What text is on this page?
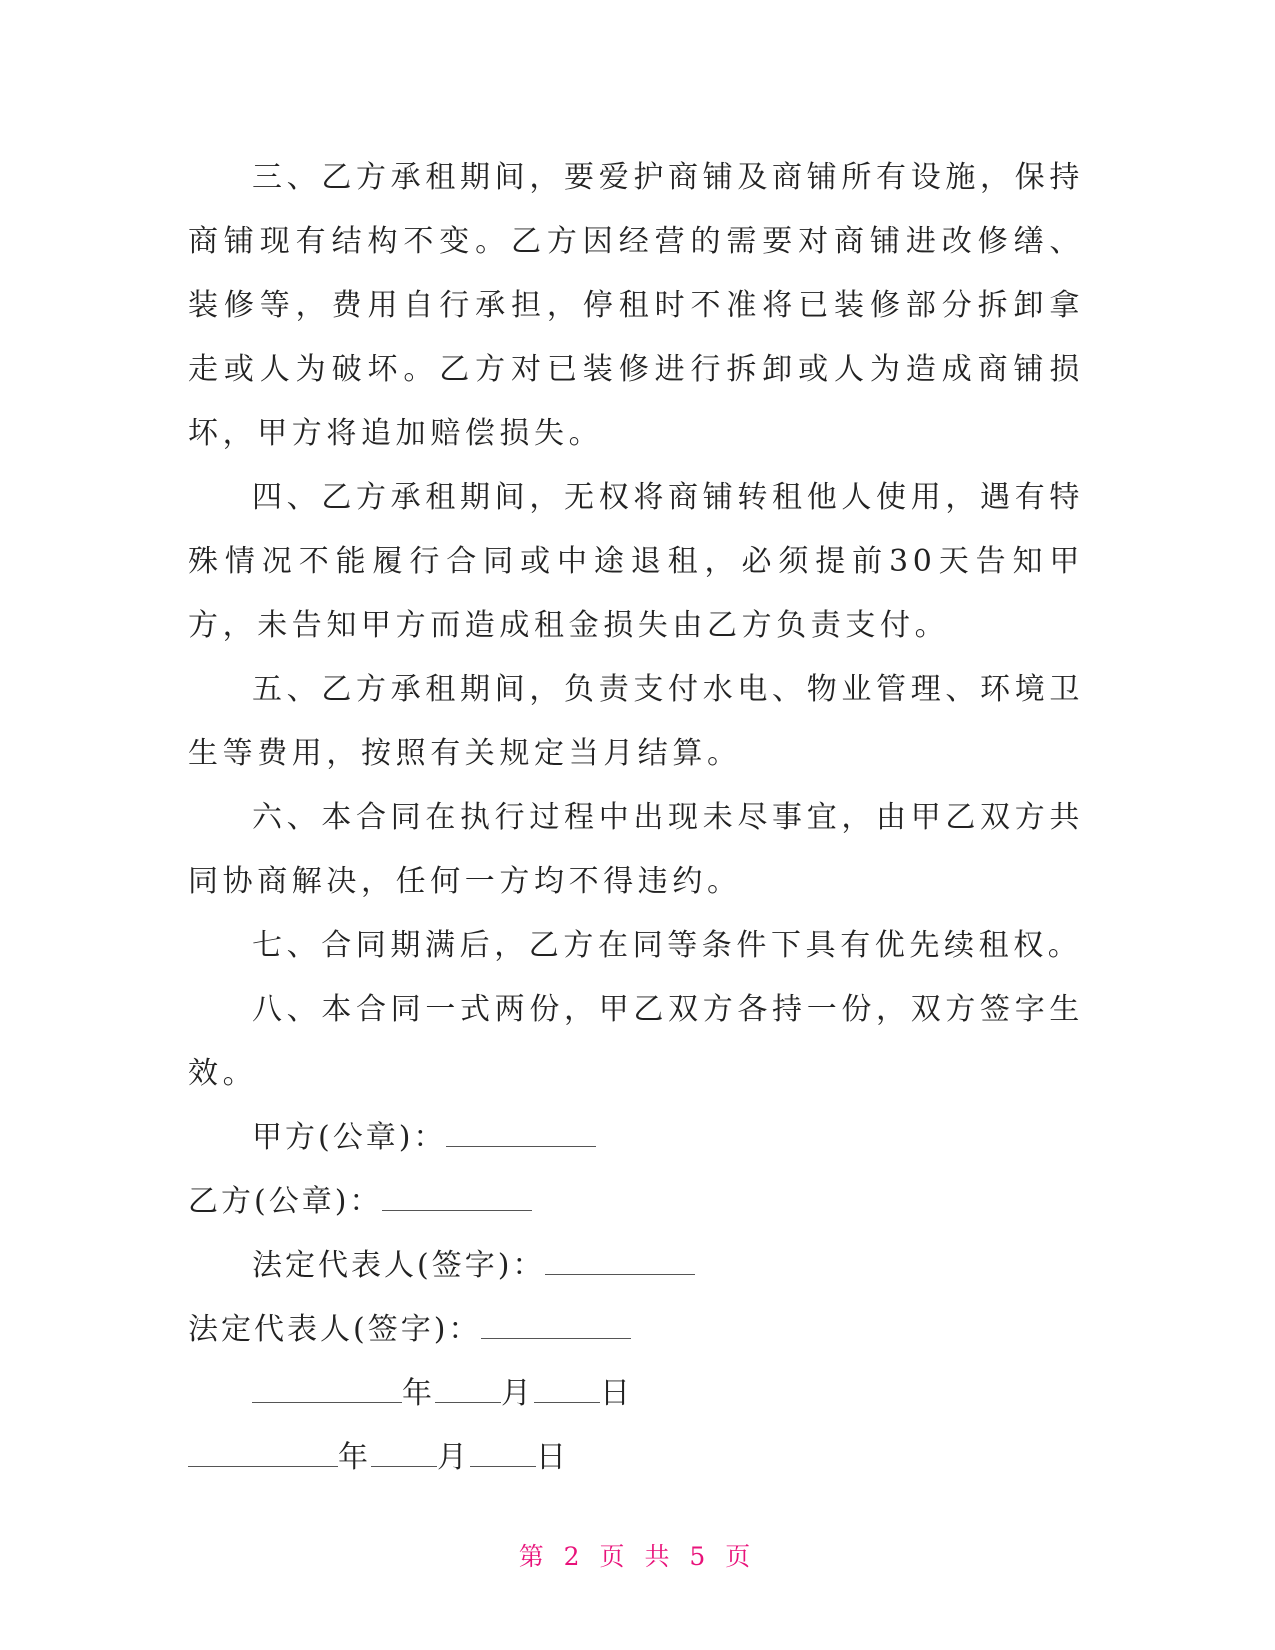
三、乙方承租期间，要爱护商铺及商铺所有设施，保持商铺现有结构不变。乙方因经营的需要对商铺进改修缮、装修等，费用自行承担，停租时不准将已装修部分拆卸拿走或人为破坏。乙方对已装修进行拆卸或人为造成商铺损坏，甲方将追加赔偿损失。

四、乙方承租期间，无权将商铺转租他人使用，遇有特殊情况不能履行合同或中途退租，必须提前30天告知甲方，未告知甲方而造成租金损失由乙方负责支付。

五、乙方承租期间，负责支付水电、物业管理、环境卫生等费用，按照有关规定当月结算。

六、本合同在执行过程中出现未尽事宜，由甲乙双方共同协商解决，任何一方均不得违约。

七、合同期满后，乙方在同等条件下具有优先续租权。

八、本合同一式两份，甲乙双方各持一份，双方签字生效。

甲方(公章)：

乙方(公章)：

法定代表人(签字)：

法定代表人(签字)：

年 月 日

年 月 日

第 2 页 共 5 页
